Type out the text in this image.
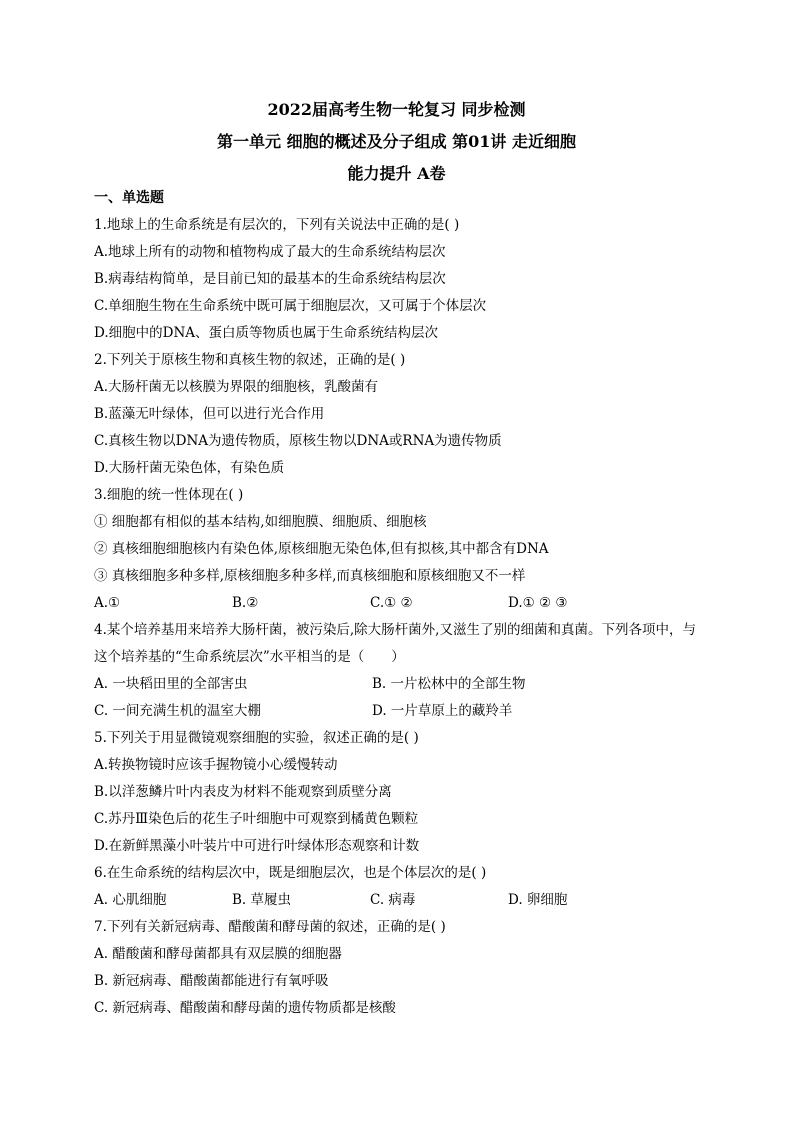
2022届高考生物一轮复习 同步检测
第一单元 细胞的概述及分子组成 第01讲 走近细胞
能力提升 A卷
一、单选题
1.地球上的生命系统是有层次的，下列有关说法中正确的是( )
A.地球上所有的动物和植物构成了最大的生命系统结构层次
B.病毒结构简单，是目前已知的最基本的生命系统结构层次
C.单细胞生物在生命系统中既可属于细胞层次，又可属于个体层次
D.细胞中的DNA、蛋白质等物质也属于生命系统结构层次
2.下列关于原核生物和真核生物的叙述，正确的是( )
A.大肠杆菌无以核膜为界限的细胞核，乳酸菌有
B.蓝藻无叶绿体，但可以进行光合作用
C.真核生物以DNA为遗传物质，原核生物以DNA或RNA为遗传物质
D.大肠杆菌无染色体，有染色质
3.细胞的统一性体现在( )
① 细胞都有相似的基本结构,如细胞膜、细胞质、细胞核
② 真核细胞细胞核内有染色体,原核细胞无染色体,但有拟核,其中都含有DNA
③ 真核细胞多种多样,原核细胞多种多样,而真核细胞和原核细胞又不一样
A.①	B.②	C.① ②	D.① ② ③
4.某个培养基用来培养大肠杆菌，被污染后,除大肠杆菌外,又滋生了别的细菌和真菌。下列各项中，与这个培养基的“生命系统层次”水平相当的是（　　）
A. 一块稻田里的全部害虫	B. 一片松林中的全部生物
C. 一间充满生机的温室大棚	D. 一片草原上的藏羚羊
5.下列关于用显微镜观察细胞的实验，叙述正确的是( )
A.转换物镜时应该手握物镜小心缓慢转动
B.以洋葱鳞片叶内表皮为材料不能观察到质壁分离
C.苏丹Ⅲ染色后的花生子叶细胞中可观察到橘黄色颗粒
D.在新鲜黑藻小叶装片中可进行叶绿体形态观察和计数
6.在生命系统的结构层次中，既是细胞层次，也是个体层次的是( )
A. 心肌细胞	B. 草履虫	C. 病毒	D. 卵细胞
7.下列有关新冠病毒、醋酸菌和酵母菌的叙述，正确的是( )
A. 醋酸菌和酵母菌都具有双层膜的细胞器
B. 新冠病毒、醋酸菌都能进行有氧呼吸
C. 新冠病毒、醋酸菌和酵母菌的遗传物质都是核酸
